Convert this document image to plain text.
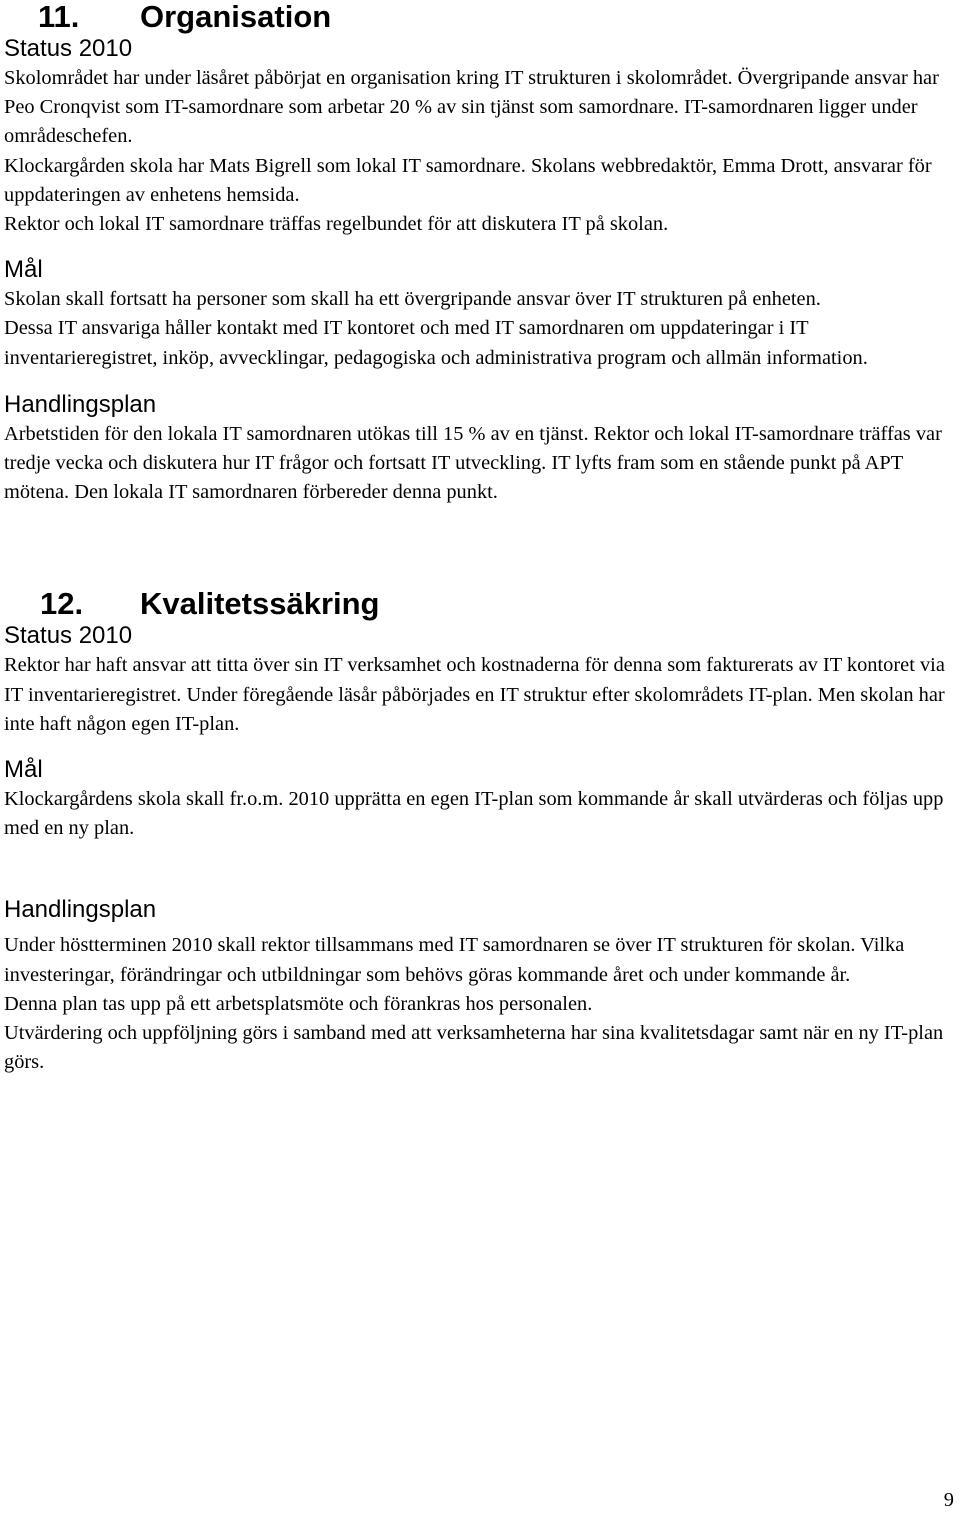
11. Organisation
Status 2010

Skolområdet har under läsåret påbörjat en organisation kring IT strukturen i skolområdet. Övergripande ansvar har Peo Cronqvist som IT-samordnare som arbetar 20 % av sin tjänst som samordnare. IT-samordnaren ligger under områdeschefen.

Klockargården skola har Mats Bigrell som lokal IT samordnare. Skolans webbredaktör, Emma Drott, ansvarar för uppdateringen av enhetens hemsida.

Rektor och lokal IT samordnare träffas regelbundet för att diskutera IT på skolan.

Mål

Skolan skall fortsatt ha personer som skall ha ett övergripande ansvar över IT strukturen på enheten.

Dessa IT ansvariga håller kontakt med IT kontoret och med IT samordnaren om uppdateringar i IT inventarieregistret, inköp, avvecklingar, pedagogiska och administrativa program och allmän information.

Handlingsplan

Arbetstiden för den lokala IT samordnaren utökas till 15 % av en tjänst. Rektor och lokal IT-samordnare träffas var tredje vecka och diskutera hur IT frågor och fortsatt IT utveckling. IT lyfts fram som en stående punkt på APT mötena. Den lokala IT samordnaren förbereder denna punkt.

12. Kvalitetssäkring
Status 2010

Rektor har haft ansvar att titta över sin IT verksamhet och kostnaderna för denna som fakturerats av IT kontoret via IT inventarieregistret. Under föregående läsår påbörjades en IT struktur efter skolområdets IT-plan. Men skolan har inte haft någon egen IT-plan.

Mål

Klockargårdens skola skall fr.o.m. 2010 upprätta en egen IT-plan som kommande år skall utvärderas och följas upp med en ny plan.

Handlingsplan

Under höstterminen 2010 skall rektor tillsammans med IT samordnaren se över IT strukturen för skolan. Vilka investeringar, förändringar och utbildningar som behövs göras kommande året och under kommande år.

Denna plan tas upp på ett arbetsplatsmöte och förankras hos personalen.

Utvärdering och uppföljning görs i samband med att verksamheterna har sina kvalitetsdagar samt när en ny IT-plan görs.

9
